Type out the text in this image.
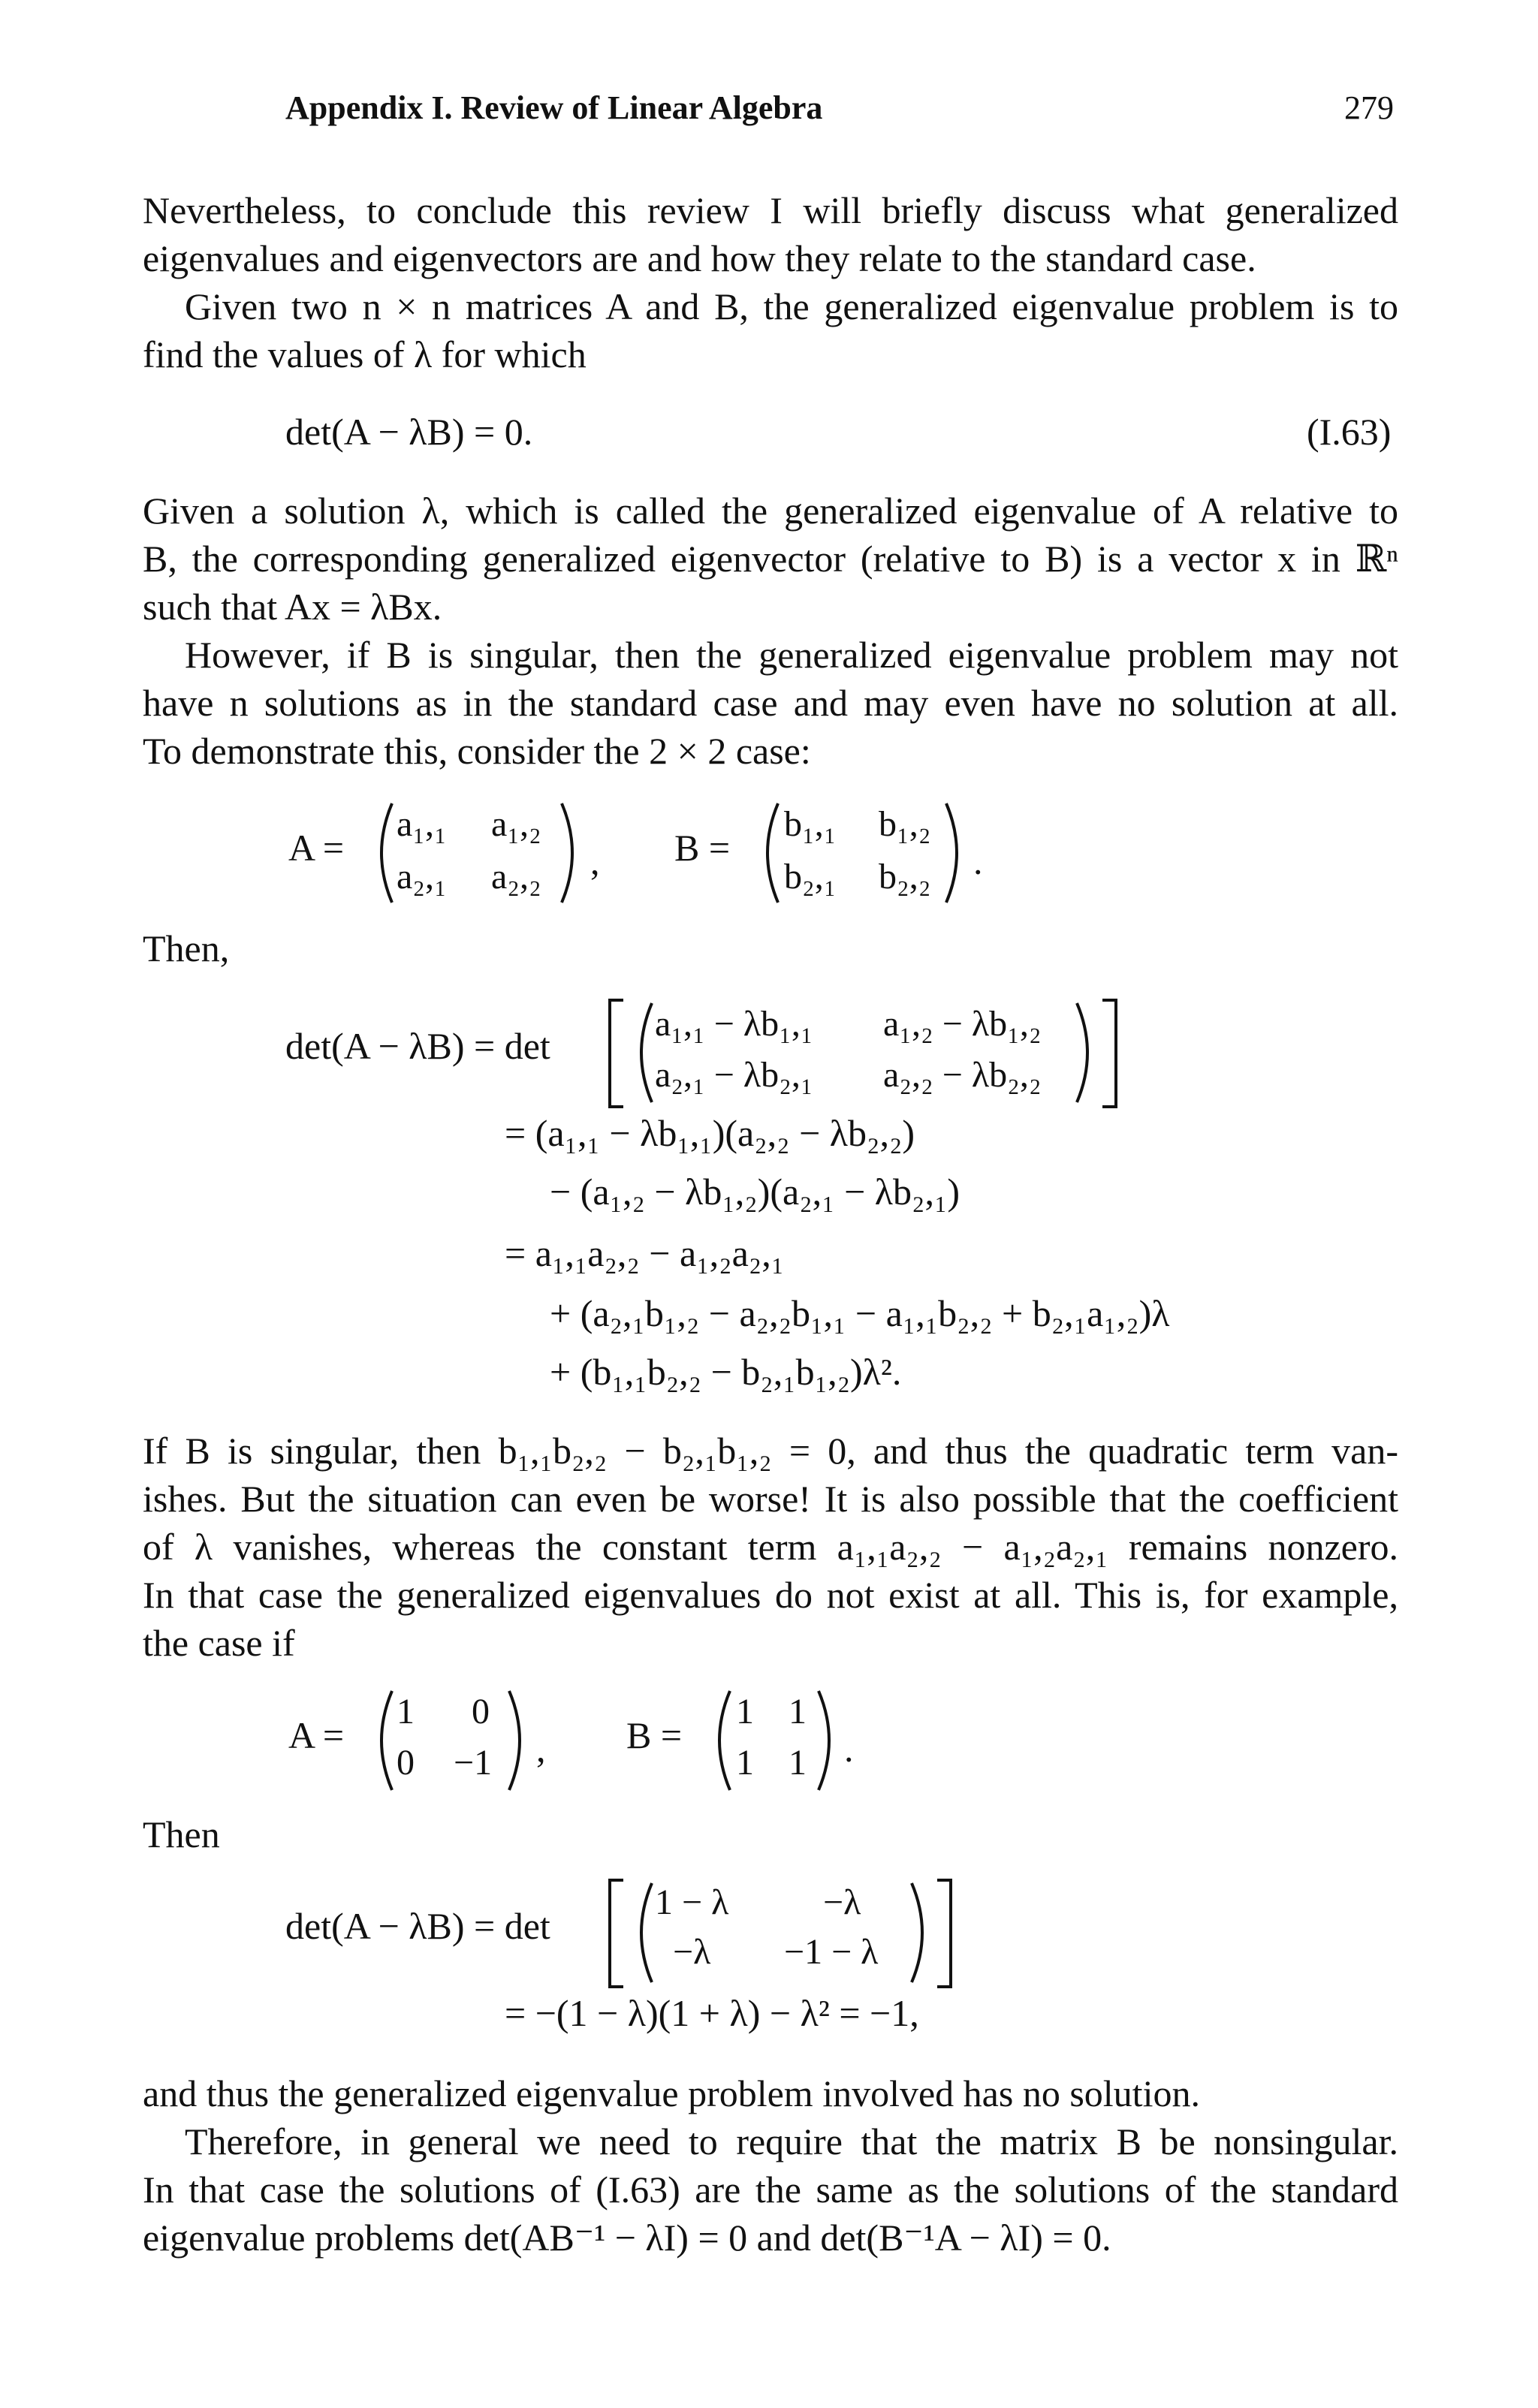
Appendix I. Review of Linear Algebra	279
Nevertheless, to conclude this review I will briefly discuss what generalized
eigenvalues and eigenvectors are and how they relate to the standard case.
Given two n × n matrices A and B, the generalized eigenvalue problem is to
find the values of λ for which
det(A − λB) = 0.	(I.63)
Given a solution λ, which is called the generalized eigenvalue of A relative to
B, the corresponding generalized eigenvector (relative to B) is a vector x in ℝⁿ
such that Ax = λBx.
However, if B is singular, then the generalized eigenvalue problem may not
have n solutions as in the standard case and may even have no solution at all.
To demonstrate this, consider the 2 × 2 case:
A =
a₁,₁ a₁,₂
a₂,₁ a₂,₂ , B =
b₁,₁ b₁,₂
b₂,₁ b₂,₂ .
Then,
det(A − λB) = det
a₁,₁ − λb₁,₁ a₁,₂ − λb₁,₂
a₂,₁ − λb₂,₁ a₂,₂ − λb₂,₂
= (a₁,₁ − λb₁,₁)(a₂,₂ − λb₂,₂)
− (a₁,₂ − λb₁,₂)(a₂,₁ − λb₂,₁)
= a₁,₁a₂,₂ − a₁,₂a₂,₁
+ (a₂,₁b₁,₂ − a₂,₂b₁,₁ − a₁,₁b₂,₂ + b₂,₁a₁,₂)λ
+ (b₁,₁b₂,₂ − b₂,₁b₁,₂)λ².
If B is singular, then b₁,₁b₂,₂ − b₂,₁b₁,₂ = 0, and thus the quadratic term van-
ishes. But the situation can even be worse! It is also possible that the coefficient
of λ vanishes, whereas the constant term a₁,₁a₂,₂ − a₁,₂a₂,₁ remains nonzero.
In that case the generalized eigenvalues do not exist at all. This is, for example,
the case if
A =
1 0
0 −1 , B =
1 1
1 1 .
Then
det(A − λB) = det
1 − λ	−λ
−λ −1 − λ
= −(1 − λ)(1 + λ) − λ² = −1,
and thus the generalized eigenvalue problem involved has no solution.
Therefore, in general we need to require that the matrix B be nonsingular.
In that case the solutions of (I.63) are the same as the solutions of the standard
eigenvalue problems det(AB⁻¹ − λI) = 0 and det(B⁻¹A − λI) = 0.
